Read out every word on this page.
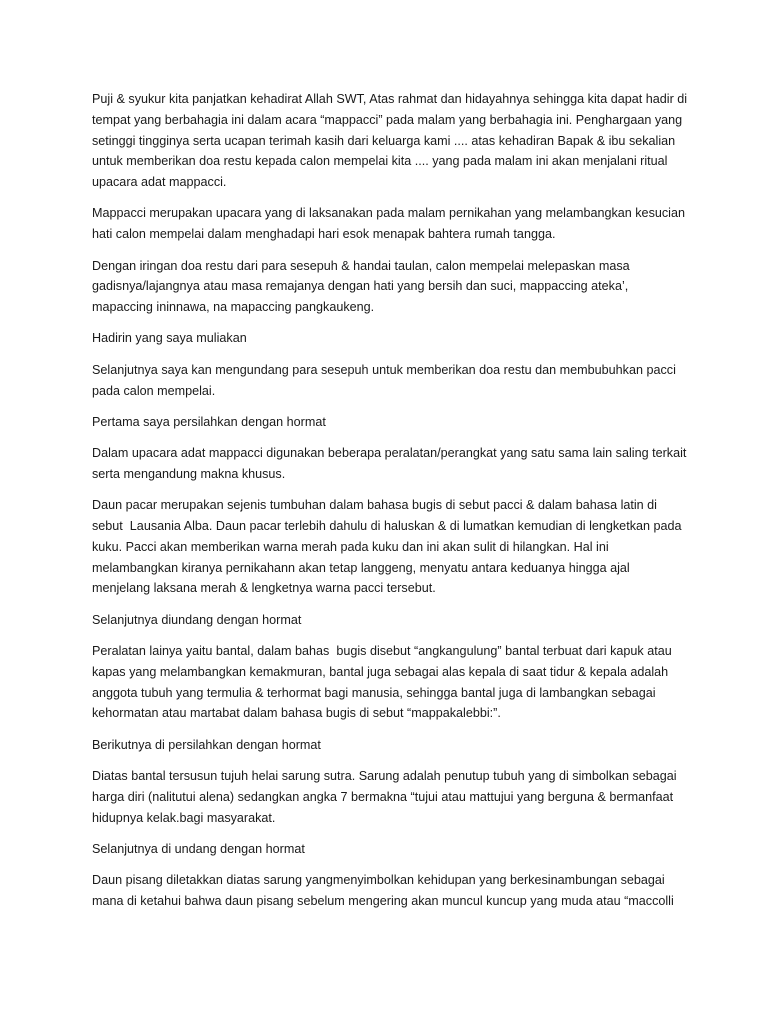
Puji & syukur kita panjatkan kehadirat Allah SWT, Atas rahmat dan hidayahnya sehingga kita dapat hadir di tempat yang berbahagia ini dalam acara “mappacci” pada malam yang berbahagia ini. Penghargaan yang setinggi tingginya serta ucapan terimah kasih dari keluarga kami .... atas kehadiran Bapak & ibu sekalian untuk memberikan doa restu kepada calon mempelai kita .... yang pada malam ini akan menjalani ritual upacara adat mappacci.

Mappacci merupakan upacara yang di laksanakan pada malam pernikahan yang melambangkan kesucian hati calon mempelai dalam menghadapi hari esok menapak bahtera rumah tangga.

Dengan iringan doa restu dari para sesepuh & handai taulan, calon mempelai melepaskan masa gadisnya/lajangnya atau masa remajanya dengan hati yang bersih dan suci, mappaccing ateka’, mapaccing ininnawa, na mapaccing pangkaukeng.

Hadirin yang saya muliakan

Selanjutnya saya kan mengundang para sesepuh untuk memberikan doa restu dan membubuhkan pacci pada calon mempelai.

Pertama saya persilahkan dengan hormat

Dalam upacara adat mappacci digunakan beberapa peralatan/perangkat yang satu sama lain saling terkait serta mengandung makna khusus.

Daun pacar merupakan sejenis tumbuhan dalam bahasa bugis di sebut pacci & dalam bahasa latin di sebut  Lausania Alba. Daun pacar terlebih dahulu di haluskan & di lumatkan kemudian di lengketkan pada kuku. Pacci akan memberikan warna merah pada kuku dan ini akan sulit di hilangkan. Hal ini melambangkan kiranya pernikahann akan tetap langgeng, menyatu antara keduanya hingga ajal menjelang laksana merah & lengketnya warna pacci tersebut.

Selanjutnya diundang dengan hormat

Peralatan lainya yaitu bantal, dalam bahas  bugis disebut “angkangulung” bantal terbuat dari kapuk atau kapas yang melambangkan kemakmuran, bantal juga sebagai alas kepala di saat tidur & kepala adalah anggota tubuh yang termulia & terhormat bagi manusia, sehingga bantal juga di lambangkan sebagai kehormatan atau martabat dalam bahasa bugis di sebut “mappakalebbi:”.

Berikutnya di persilahkan dengan hormat

Diatas bantal tersusun tujuh helai sarung sutra. Sarung adalah penutup tubuh yang di simbolkan sebagai harga diri (nalitutui alena) sedangkan angka 7 bermakna “tujui atau mattujui yang berguna & bermanfaat hidupnya kelak.bagi masyarakat.

Selanjutnya di undang dengan hormat

Daun pisang diletakkan diatas sarung yangmenyimbolkan kehidupan yang berkesinambungan sebagai mana di ketahui bahwa daun pisang sebelum mengering akan muncul kuncup yang muda atau “maccolli
